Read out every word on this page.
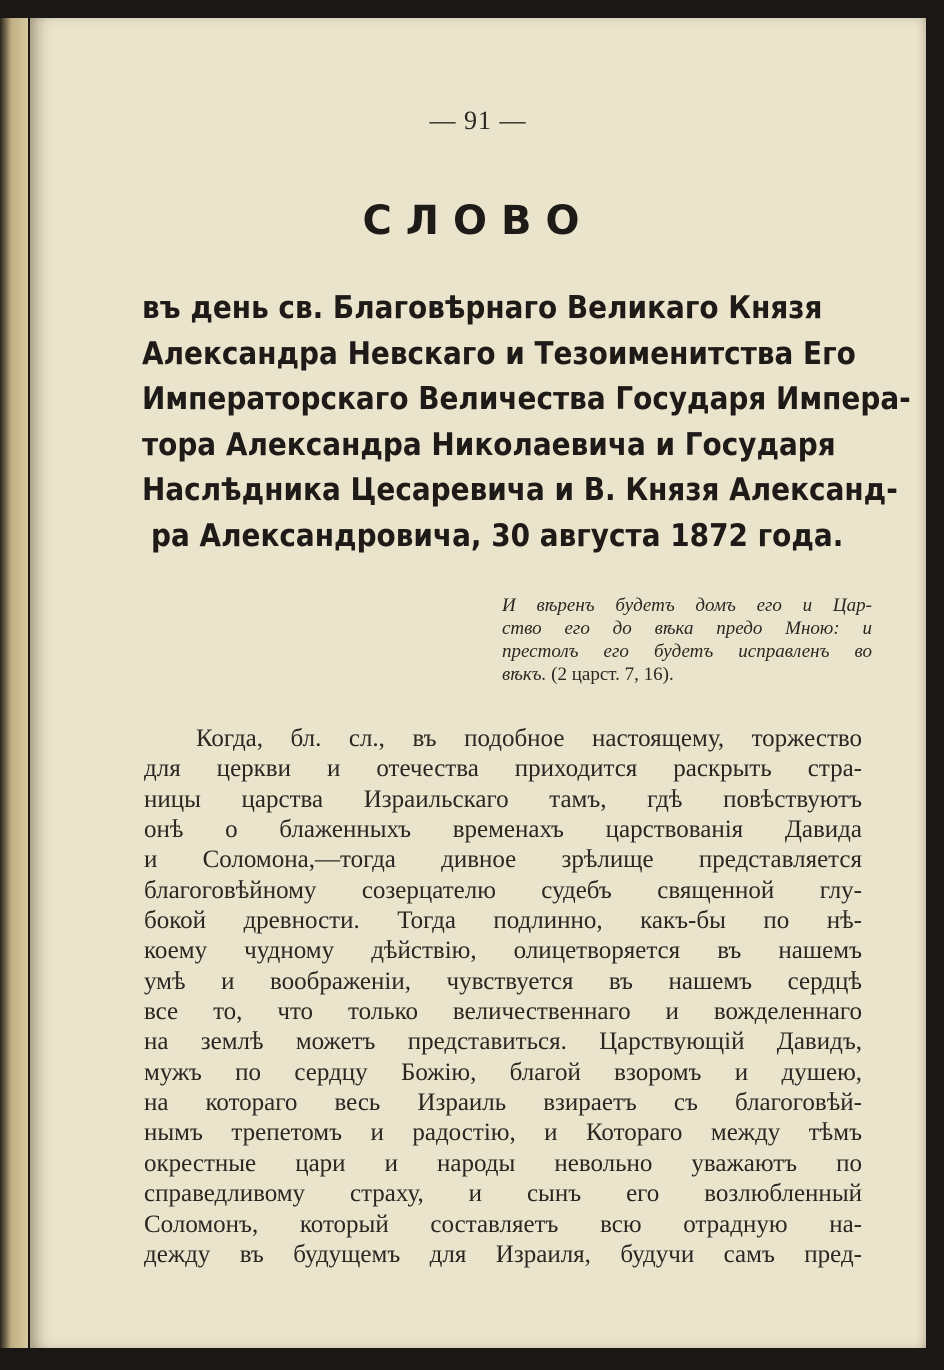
— 91 —
СЛОВО
въ день св. Благовѣрнаго Великаго Князя
Александра Невскаго и Тезоименитства Его
Императорскаго Величества Государя Импера-
тора Александра Николаевича и Государя
Наслѣдника Цесаревича и В. Князя Александ-
ра Александровича, 30 августа 1872 года.
И вѣренъ будетъ домъ его и Цар-
ство его до вѣка предо Мною: и
престолъ его будетъ исправленъ во
вѣкъ. (2 царст. 7, 16).
Когда, бл. сл., въ подобное настоящему, торжество
для церкви и отечества приходится раскрыть стра-
ницы царства Израильскаго тамъ, гдѣ повѣствуютъ
онѣ о блаженныхъ временахъ царствованія Давида
и Соломона,—тогда дивное зрѣлище представляется
благоговѣйному созерцателю судебъ священной глу-
бокой древности. Тогда подлинно, какъ-бы по нѣ-
коему чудному дѣйствію, олицетворяется въ нашемъ
умѣ и воображеніи, чувствуется въ нашемъ сердцѣ
все то, что только величественнаго и вожделеннаго
на землѣ можетъ представиться. Царствующій Давидъ,
мужъ по сердцу Божію, благой взоромъ и душею,
на котораго весь Израиль взираетъ съ благоговѣй-
нымъ трепетомъ и радостію, и Котораго между тѣмъ
окрестные цари и народы невольно уважаютъ по
справедливому страху, и сынъ его возлюбленный
Соломонъ, который составляетъ всю отрадную на-
дежду въ будущемъ для Израиля, будучи самъ пред-
